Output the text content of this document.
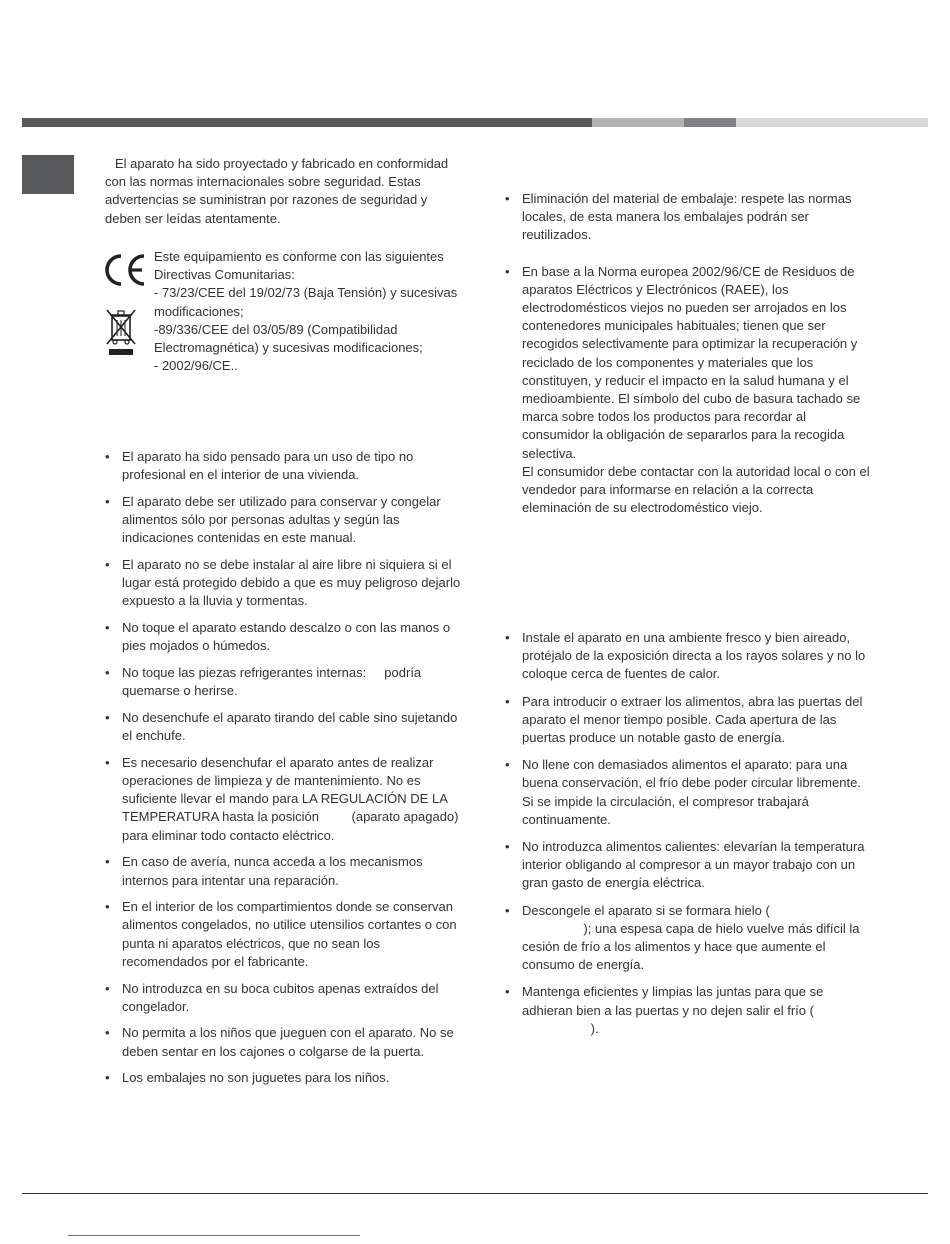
El aparato ha sido proyectado y fabricado en conformidad con las normas internacionales sobre seguridad. Estas advertencias se suministran por razones de seguridad y deben ser leídas atentamente.

Este equipamiento es conforme con las siguientes Directivas Comunitarias:
- 73/23/CEE del 19/02/73 (Baja Tensión) y sucesivas modificaciones;
-89/336/CEE del 03/05/89 (Compatibilidad Electromagnética) y sucesivas modificaciones;
- 2002/96/CE..
• El aparato ha sido pensado para un uso de tipo no profesional en el interior de una vivienda.
• El aparato debe ser utilizado para conservar y congelar alimentos sólo por personas adultas y según las indicaciones contenidas en este manual.
• El aparato no se debe instalar al aire libre ni siquiera si el lugar está protegido debido a que es muy peligroso dejarlo expuesto a la lluvia y tormentas.
• No toque el aparato estando descalzo o con las manos o pies mojados o húmedos.
• No toque las piezas refrigerantes internas:     podría quemarse o herirse.
• No desenchufe el aparato tirando del cable sino sujetando el enchufe.
• Es necesario desenchufar el aparato antes de realizar operaciones de limpieza y de mantenimiento. No es suficiente llevar el mando para LA REGULACIÓN DE LA TEMPERATURA hasta la posición         (aparato apagado) para eliminar todo contacto eléctrico.
• En caso de avería, nunca acceda a los mecanismos internos para intentar una reparación.
• En el interior de los compartimientos donde se conservan alimentos congelados, no utilice utensilios cortantes o con punta ni aparatos eléctricos, que no sean los recomendados por el fabricante.
• No introduzca en su boca cubitos apenas extraídos del congelador.
• No permita a los niños que jueguen con el aparato. No se deben sentar en los cajones o colgarse de la puerta.
• Los embalajes no son juguetes para los niños.
• Eliminación del material de embalaje: respete las normas locales, de esta manera los embalajes podrán ser reutilizados.
• En base a la Norma europea 2002/96/CE de Residuos de aparatos Eléctricos y Electrónicos (RAEE), los electrodomésticos viejos no pueden ser arrojados en los contenedores municipales habituales; tienen que ser recogidos selectivamente para optimizar la recuperación y reciclado de los componentes y materiales que los constituyen, y reducir el impacto en la salud humana y el medioambiente. El símbolo del cubo de basura tachado se marca sobre todos los productos para recordar al consumidor la obligación de separarlos para la recogida selectiva.
El consumidor debe contactar con la autoridad local o con el vendedor para informarse en relación a la correcta eleminación de su electrodoméstico viejo.
• Instale el aparato en una ambiente fresco y bien aireado, protéjalo de la exposición directa a los rayos solares y no lo coloque cerca de fuentes de calor.
• Para introducir o extraer los alimentos, abra las puertas del aparato el menor tiempo posible. Cada apertura de las puertas produce un notable gasto de energía.
• No llene con demasiados alimentos el aparato: para una buena conservación, el frío debe poder circular libremente. Si se impide la circulación, el compresor trabajará continuamente.
• No introduzca alimentos calientes: elevarían la temperatura interior obligando al compresor a un mayor trabajo con un gran gasto de energía eléctrica.
• Descongele el aparato si se formara hielo (
); una espesa capa de hielo vuelve más difícil la cesión de frío a los alimentos y hace que aumente el consumo de energía.
• Mantenga eficientes y limpias las juntas para que se adhieran bien a las puertas y no dejen salir el frío (
).
